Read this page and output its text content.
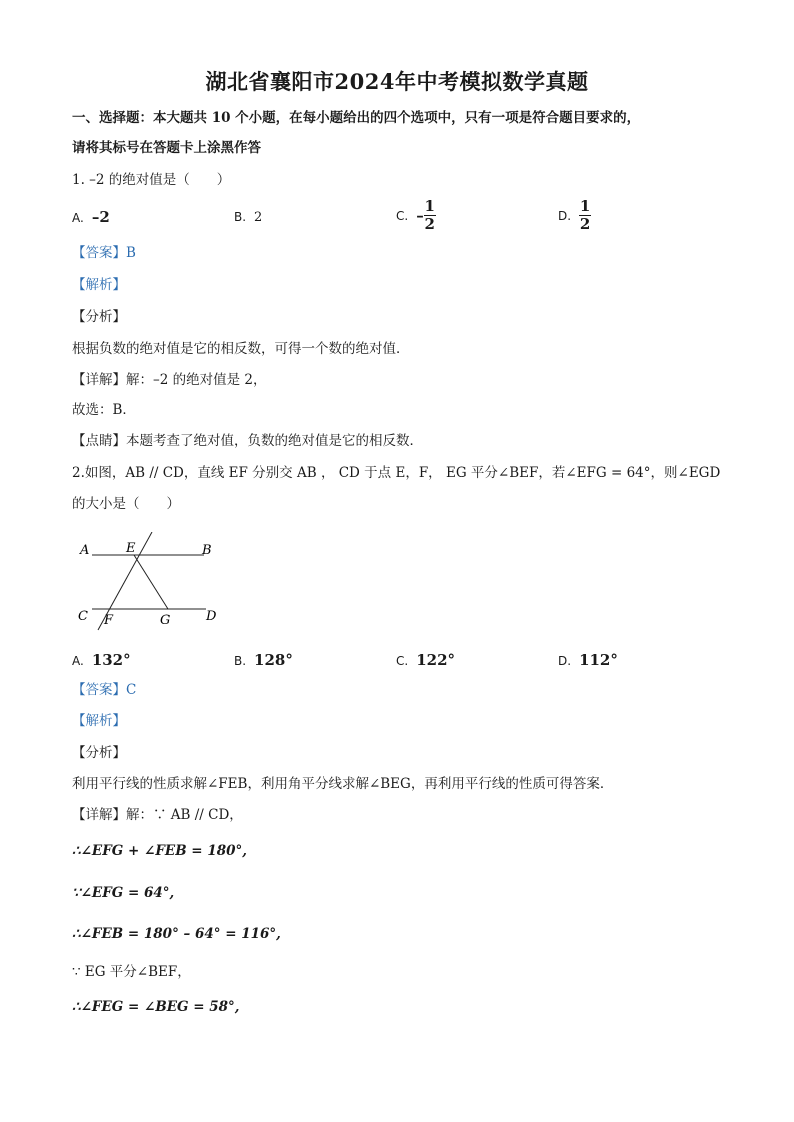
湖北省襄阳市2024年中考模拟数学真题
一、选择题：本大题共 10 个小题，在每小题给出的四个选项中，只有一项是符合题目要求的，
请将其标号在答题卡上涂黑作答
1. –2 的绝对值是（　　）
A. –2	B. 2	C. – $\frac{1}{2}$	D. $\frac{1}{2}$
【答案】B
【解析】
【分析】
根据负数的绝对值是它的相反数，可得一个数的绝对值．
【详解】解：–2 的绝对值是 2，
故选：B．
【点睛】本题考查了绝对值，负数的绝对值是它的相反数．
2.如图，AB // CD，直线 EF 分别交 AB ， CD 于点 E，F， EG 平分∠BEF，若∠EFG = 64°，则∠EGD
的大小是（　　）
A	E	B
C F	G	D
A. 132°	B. 128°	C. 122°	D. 112°
【答案】C
【解析】
【分析】
利用平行线的性质求解∠FEB，利用角平分线求解∠BEG，再利用平行线的性质可得答案．
【详解】解：∵ AB // CD，
∴∠EFG + ∠FEB = 180°,
∵∠EFG = 64°,
∴∠FEB = 180° – 64° = 116°,
∵ EG 平分∠BEF，
∴∠FEG = ∠BEG = 58°,
